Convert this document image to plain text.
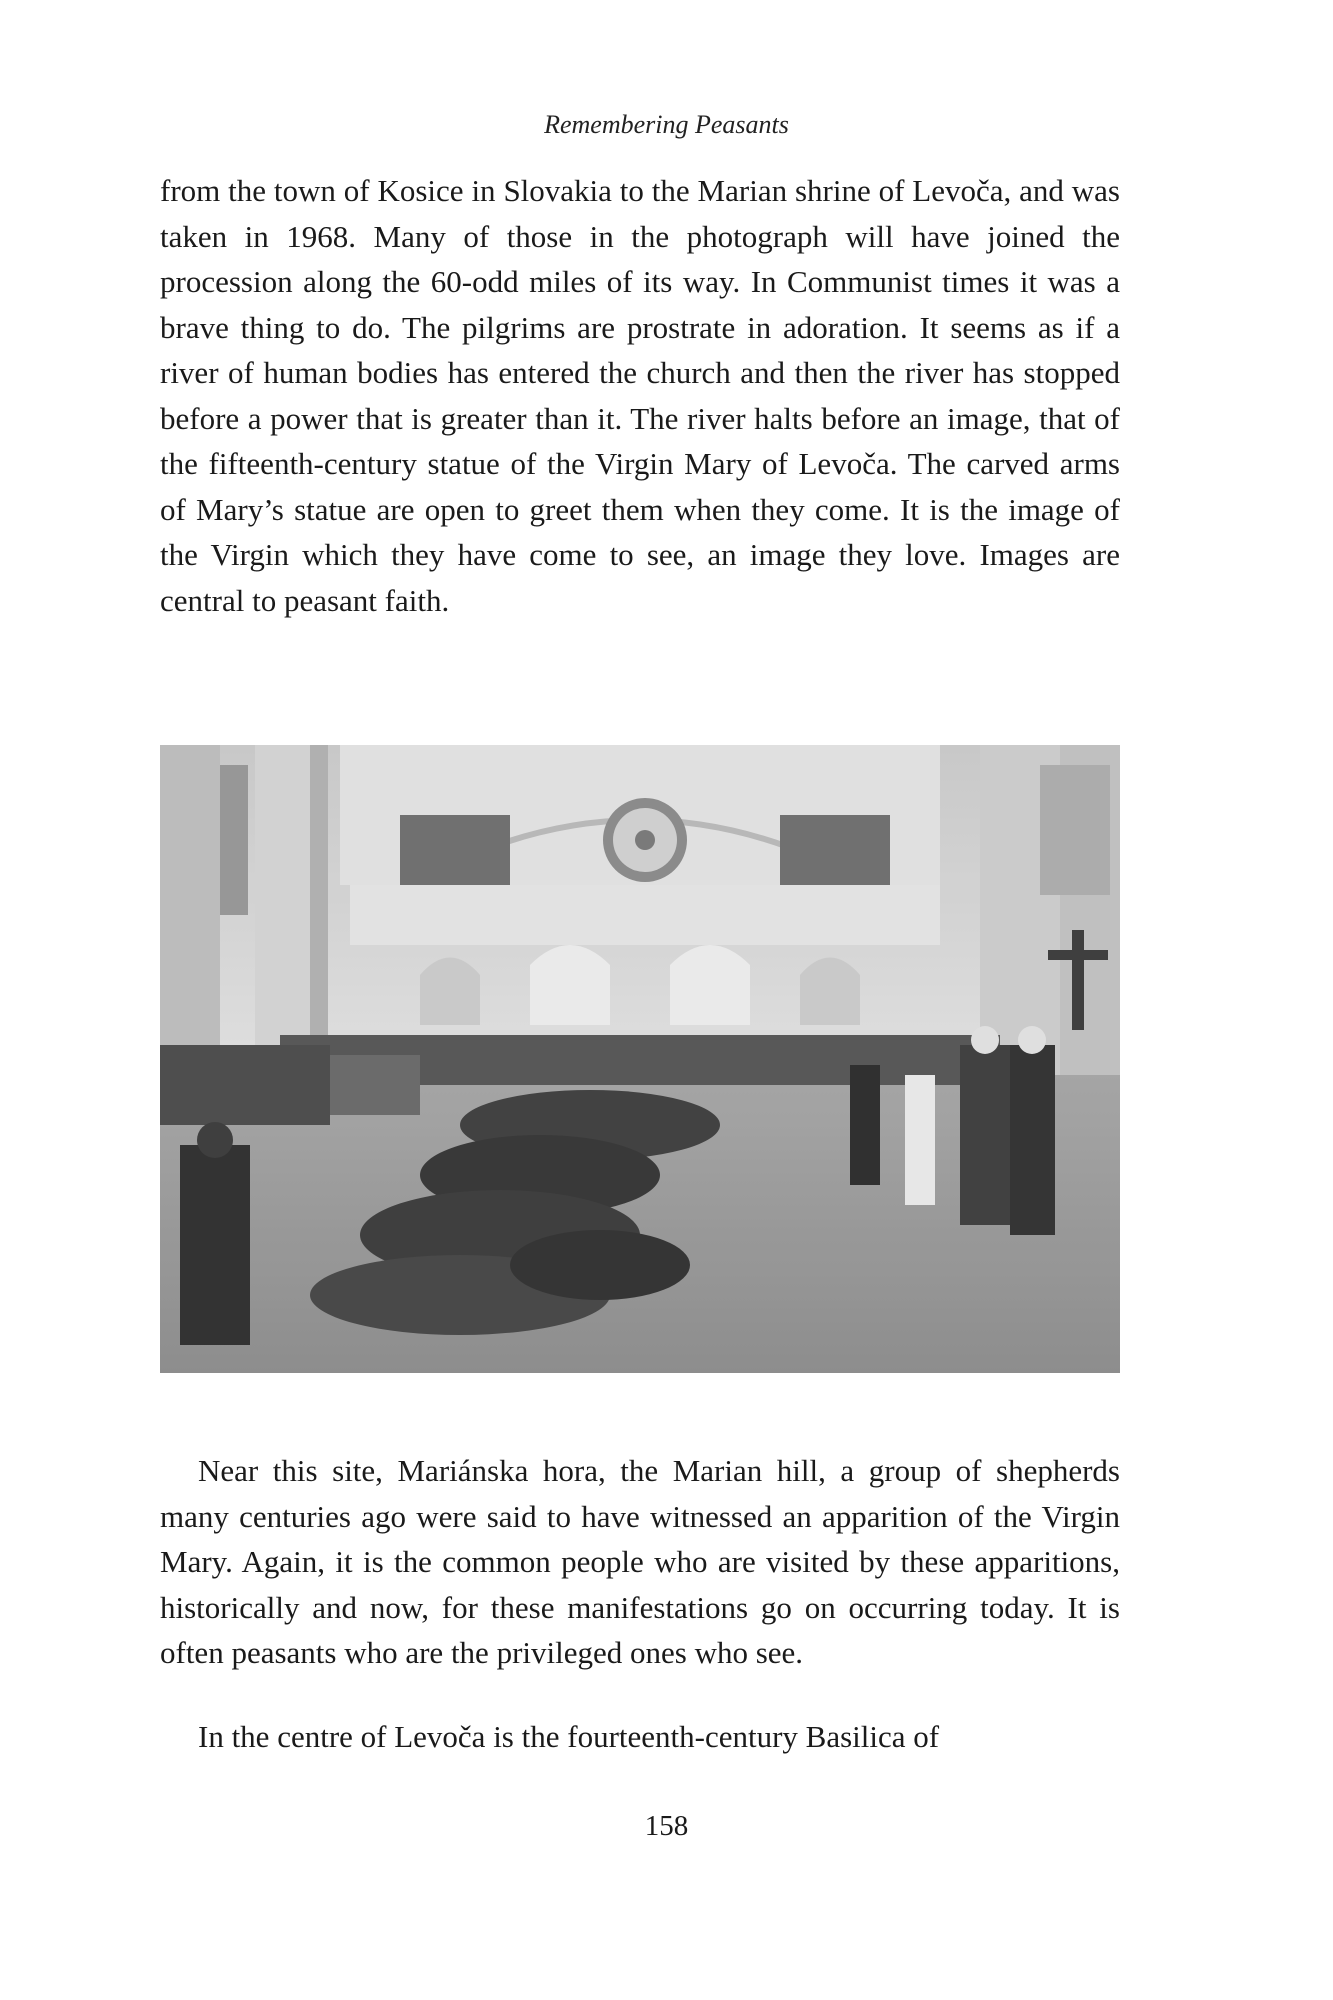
Remembering Peasants

from the town of Kosice in Slovakia to the Marian shrine of Levoča, and was taken in 1968. Many of those in the photograph will have joined the procession along the 60-odd miles of its way. In Communist times it was a brave thing to do. The pilgrims are prostrate in adoration. It seems as if a river of human bodies has entered the church and then the river has stopped before a power that is greater than it. The river halts before an image, that of the fifteenth-century statue of the Virgin Mary of Levoča. The carved arms of Mary’s statue are open to greet them when they come. It is the image of the Virgin which they have come to see, an image they love. Images are central to peasant faith.

Near this site, Mariánska hora, the Marian hill, a group of shepherds many centuries ago were said to have witnessed an apparition of the Virgin Mary. Again, it is the common people who are visited by these apparitions, historically and now, for these manifestations go on occurring today. It is often peasants who are the privileged ones who see.

In the centre of Levoča is the fourteenth-century Basilica of

158
